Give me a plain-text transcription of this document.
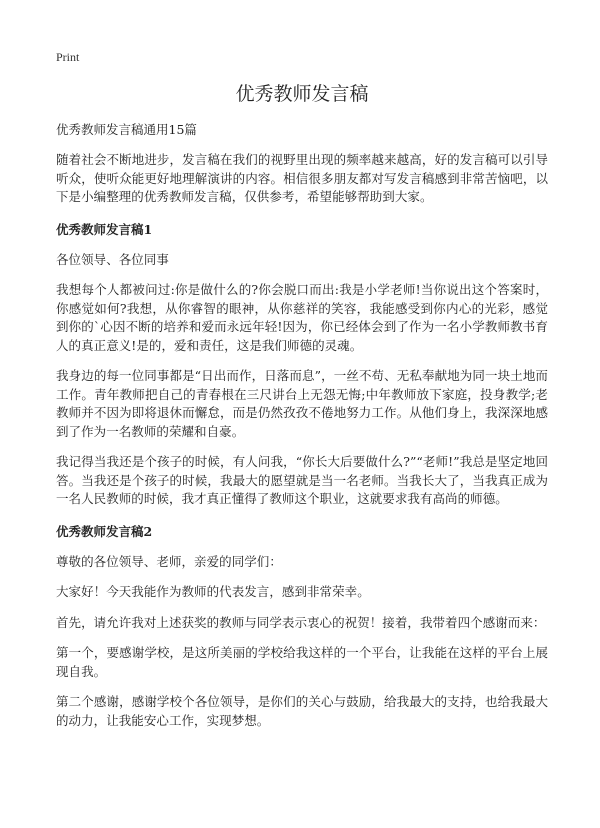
Print
优秀教师发言稿

优秀教师发言稿通用15篇

随着社会不断地进步，发言稿在我们的视野里出现的频率越来越高，好的发言稿可以引导听众，使听众能更好地理解演讲的内容。相信很多朋友都对写发言稿感到非常苦恼吧，以下是小编整理的优秀教师发言稿，仅供参考，希望能够帮助到大家。

优秀教师发言稿1

各位领导、各位同事

我想每个人都被问过:你是做什么的?你会脱口而出:我是小学老师!当你说出这个答案时，你感觉如何?我想，从你睿智的眼神，从你慈祥的笑容，我能感受到你内心的光彩，感觉到你的`心因不断的培养和爱而永远年轻!因为，你已经体会到了作为一名小学教师教书育人的真正意义!是的，爱和责任，这是我们师德的灵魂。

我身边的每一位同事都是“日出而作，日落而息”，一丝不苟、无私奉献地为同一块土地而工作。青年教师把自己的青春根在三尺讲台上无怨无悔;中年教师放下家庭，投身教学;老教师并不因为即将退休而懈怠，而是仍然孜孜不倦地努力工作。从他们身上，我深深地感到了作为一名教师的荣耀和自豪。

我记得当我还是个孩子的时候，有人问我，“你长大后要做什么?”“老师!”我总是坚定地回答。当我还是个孩子的时候，我最大的愿望就是当一名老师。当我长大了，当我真正成为一名人民教师的时候，我才真正懂得了教师这个职业，这就要求我有高尚的师德。

优秀教师发言稿2

尊敬的各位领导、老师，亲爱的同学们：

大家好！今天我能作为教师的代表发言，感到非常荣幸。

首先，请允许我对上述获奖的教师与同学表示衷心的祝贺！接着，我带着四个感谢而来：

第一个，要感谢学校，是这所美丽的学校给我这样的一个平台，让我能在这样的平台上展现自我。

第二个感谢，感谢学校个各位领导，是你们的关心与鼓励，给我最大的支持，也给我最大的动力，让我能安心工作，实现梦想。
